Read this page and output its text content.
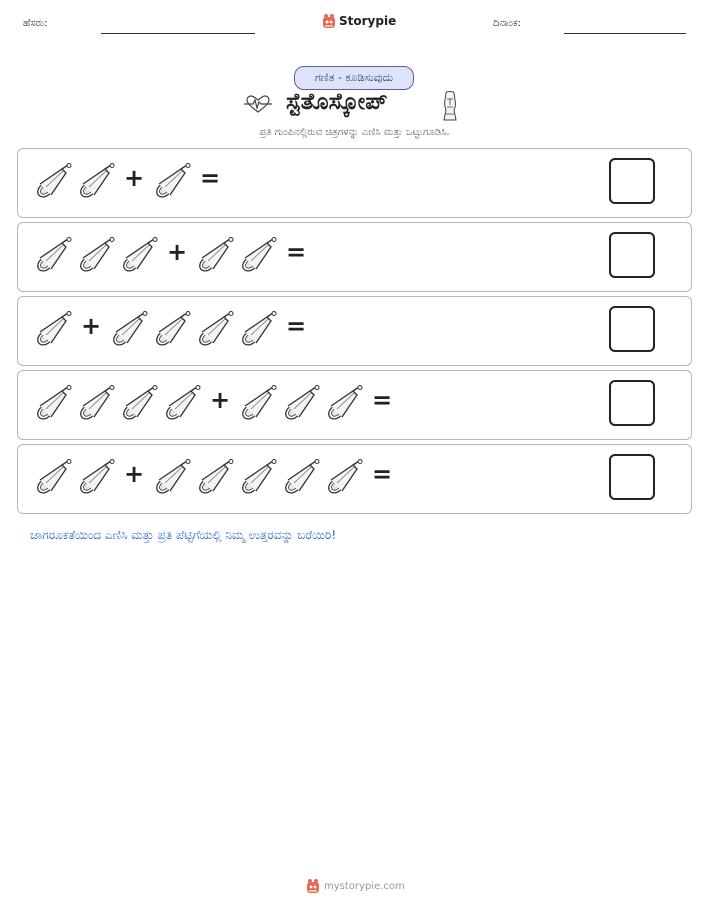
ಹೆಸರು:	Storypie	ದಿನಾಂಕ:
ಗಣಿತ - ಕೂಡಿಸುವುದು
ಸ್ಟೆತೊಸ್ಕೋಪ್
ಪ್ರತಿ ಗುಂಪಿನಲ್ಲಿರುವ ಚಿತ್ರಗಳನ್ನು ಎಣಿಸಿ ಮತ್ತು ಒಟ್ಟುಗೂಡಿಸಿ.
+ =
+	=
+	=
+	=
+	=
ಜಾಗರೂಕತೆಯಿಂದ ಎಣಿಸಿ ಮತ್ತು ಪ್ರತಿ ಪೆಟ್ಟಿಗೆಯಲ್ಲಿ ನಿಮ್ಮ ಉತ್ತರವನ್ನು ಬರೆಯಿರಿ!
mystorypie.com
